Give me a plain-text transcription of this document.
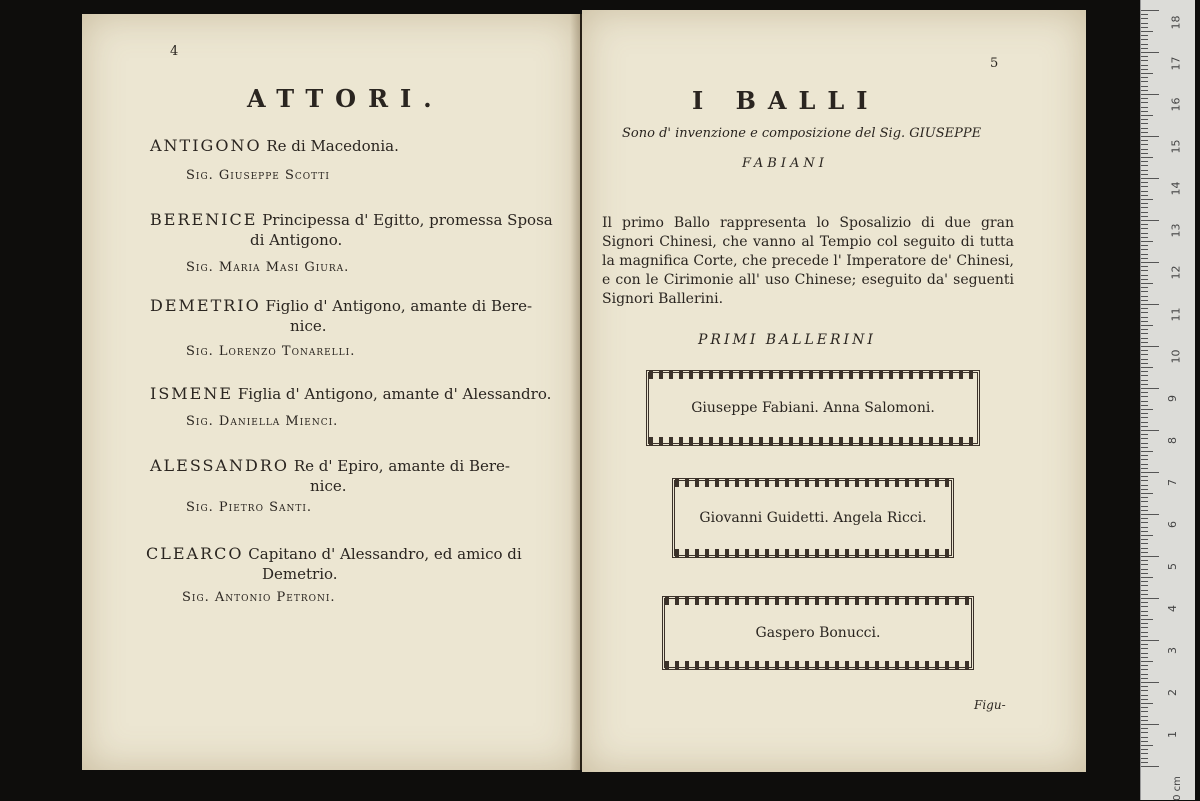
4
ATTORI.
ANTIGONO Re di Macedonia.
Sig. Giuseppe Scotti
BERENICE Principessa d' Egitto, promessa Sposa
di Antigono.
Sig. Maria Masi Giura.
DEMETRIO Figlio d' Antigono, amante di Bere-
nice.
Sig. Lorenzo Tonarelli.
ISMENE Figlia d' Antigono, amante d' Alessandro.
Sig. Daniella Mienci.
ALESSANDRO Re d' Epiro, amante di Bere-
nice.
Sig. Pietro Santi.
CLEARCO Capitano d' Alessandro, ed amico di
Demetrio.
Sig. Antonio Petroni.
5
I BALLI
Sono d' invenzione e composizione del Sig. GIUSEPPE
FABIANI
Il primo Ballo rappresenta lo Sposalizio di due gran Signori Chinesi, che vanno al Tempio col seguito di tutta la magnifica Corte, che precede l' Imperatore de' Chinesi, e con le Cirimonie all' uso Chinese; eseguito da' seguenti Signori Ballerini.
PRIMI BALLERINI
Giuseppe Fabiani. Anna Salomoni.
Giovanni Guidetti. Angela Ricci.
Gaspero Bonucci.
Figu-
18
17
16
15
14
13
12
11
10
9
8
7
6
5
4
3
2
1
0 cm
